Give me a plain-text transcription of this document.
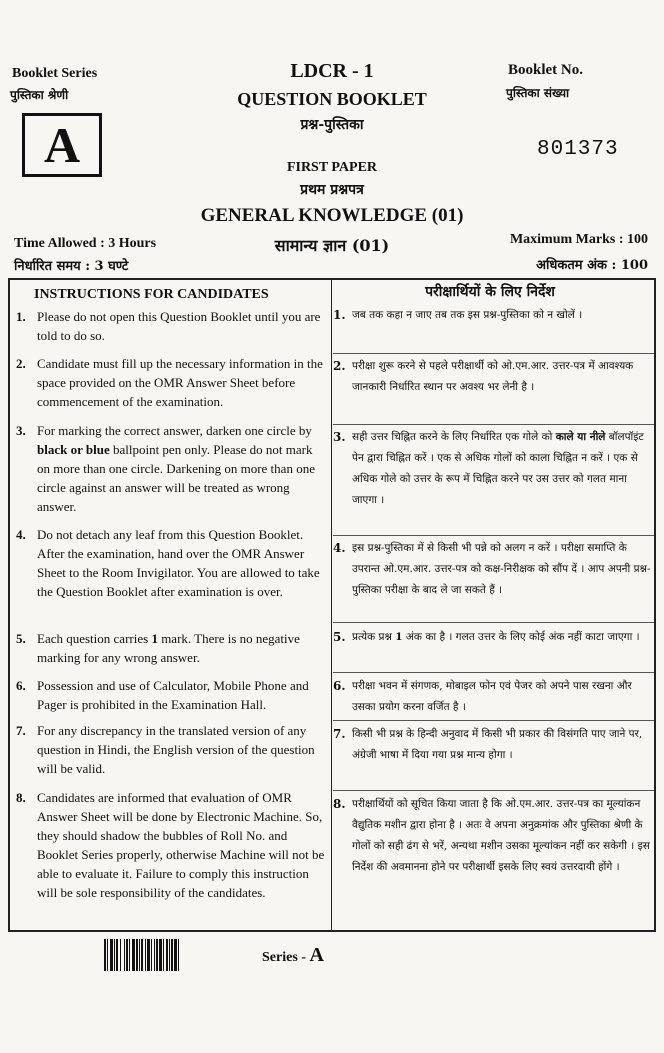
Booklet Series
पुस्तिका श्रेणी
A
LDCR - 1
QUESTION BOOKLET
प्रश्न-पुस्तिका
FIRST PAPER
प्रथम प्रश्नपत्र
GENERAL KNOWLEDGE (01)
सामान्य ज्ञान (01)
Booklet No.
पुस्तिका संख्या
801373
Time Allowed : 3 Hours
निर्धारित समय : 3 घण्टे
Maximum Marks : 100
अधिकतम अंक : 100
INSTRUCTIONS FOR CANDIDATES	परीक्षार्थियों के लिए निर्देश
1. Please do not open this Question Booklet until you are told to do so.
2. Candidate must fill up the necessary information in the space provided on the OMR Answer Sheet before commencement of the examination.
3. For marking the correct answer, darken one circle by black or blue ballpoint pen only. Please do not mark on more than one circle. Darkening on more than one circle against an answer will be treated as wrong answer.
4. Do not detach any leaf from this Question Booklet. After the examination, hand over the OMR Answer Sheet to the Room Invigilator. You are allowed to take the Question Booklet after examination is over.
5. Each question carries 1 mark. There is no negative marking for any wrong answer.
6. Possession and use of Calculator, Mobile Phone and Pager is prohibited in the Examination Hall.
7. For any discrepancy in the translated version of any question in Hindi, the English version of the question will be valid.
8. Candidates are informed that evaluation of OMR Answer Sheet will be done by Electronic Machine. So, they should shadow the bubbles of Roll No. and Booklet Series properly, otherwise Machine will not be able to evaluate it. Failure to comply this instruction will be sole responsibility of the candidates.
1. जब तक कहा न जाए तब तक इस प्रश्न-पुस्तिका को न खोलें ।
2. परीक्षा शुरू करने से पहले परीक्षार्थी को ओ.एम.आर. उत्तर-पत्र में आवश्यक जानकारी निर्धारित स्थान पर अवश्य भर लेनी है ।
3. सही उत्तर चिह्नित करने के लिए निर्धारित एक गोले को काले या नीले बॉलपॉइंट पेन द्वारा चिह्नित करें । एक से अधिक गोलों को काला चिह्नित न करें । एक से अधिक गोले को उत्तर के रूप में चिह्नित करने पर उस उत्तर को गलत माना जाएगा ।
4. इस प्रश्न-पुस्तिका में से किसी भी पन्ने को अलग न करें । परीक्षा समाप्ति के उपरान्त ओ.एम.आर. उत्तर-पत्र को कक्ष-निरीक्षक को सौंप दें । आप अपनी प्रश्न-पुस्तिका परीक्षा के बाद ले जा सकते हैं ।
5. प्रत्येक प्रश्न 1 अंक का है । गलत उत्तर के लिए कोई अंक नहीं काटा जाएगा ।
6. परीक्षा भवन में संगणक, मोबाइल फोन एवं पेजर को अपने पास रखना और उसका प्रयोग करना वर्जित है ।
7. किसी भी प्रश्न के हिन्दी अनुवाद में किसी भी प्रकार की विसंगति पाए जाने पर, अंग्रेजी भाषा में दिया गया प्रश्न मान्य होगा ।
8. परीक्षार्थियों को सूचित किया जाता है कि ओ.एम.आर. उत्तर-पत्र का मूल्यांकन वैद्युतिक मशीन द्वारा होना है । अतः वे अपना अनुक्रमांक और पुस्तिका श्रेणी के गोलों को सही ढंग से भरें, अन्यथा मशीन उसका मूल्यांकन नहीं कर सकेगी । इस निर्देश की अवमानना होने पर परीक्षार्थी इसके लिए स्वयं उत्तरदायी होंगे ।
Series - A
